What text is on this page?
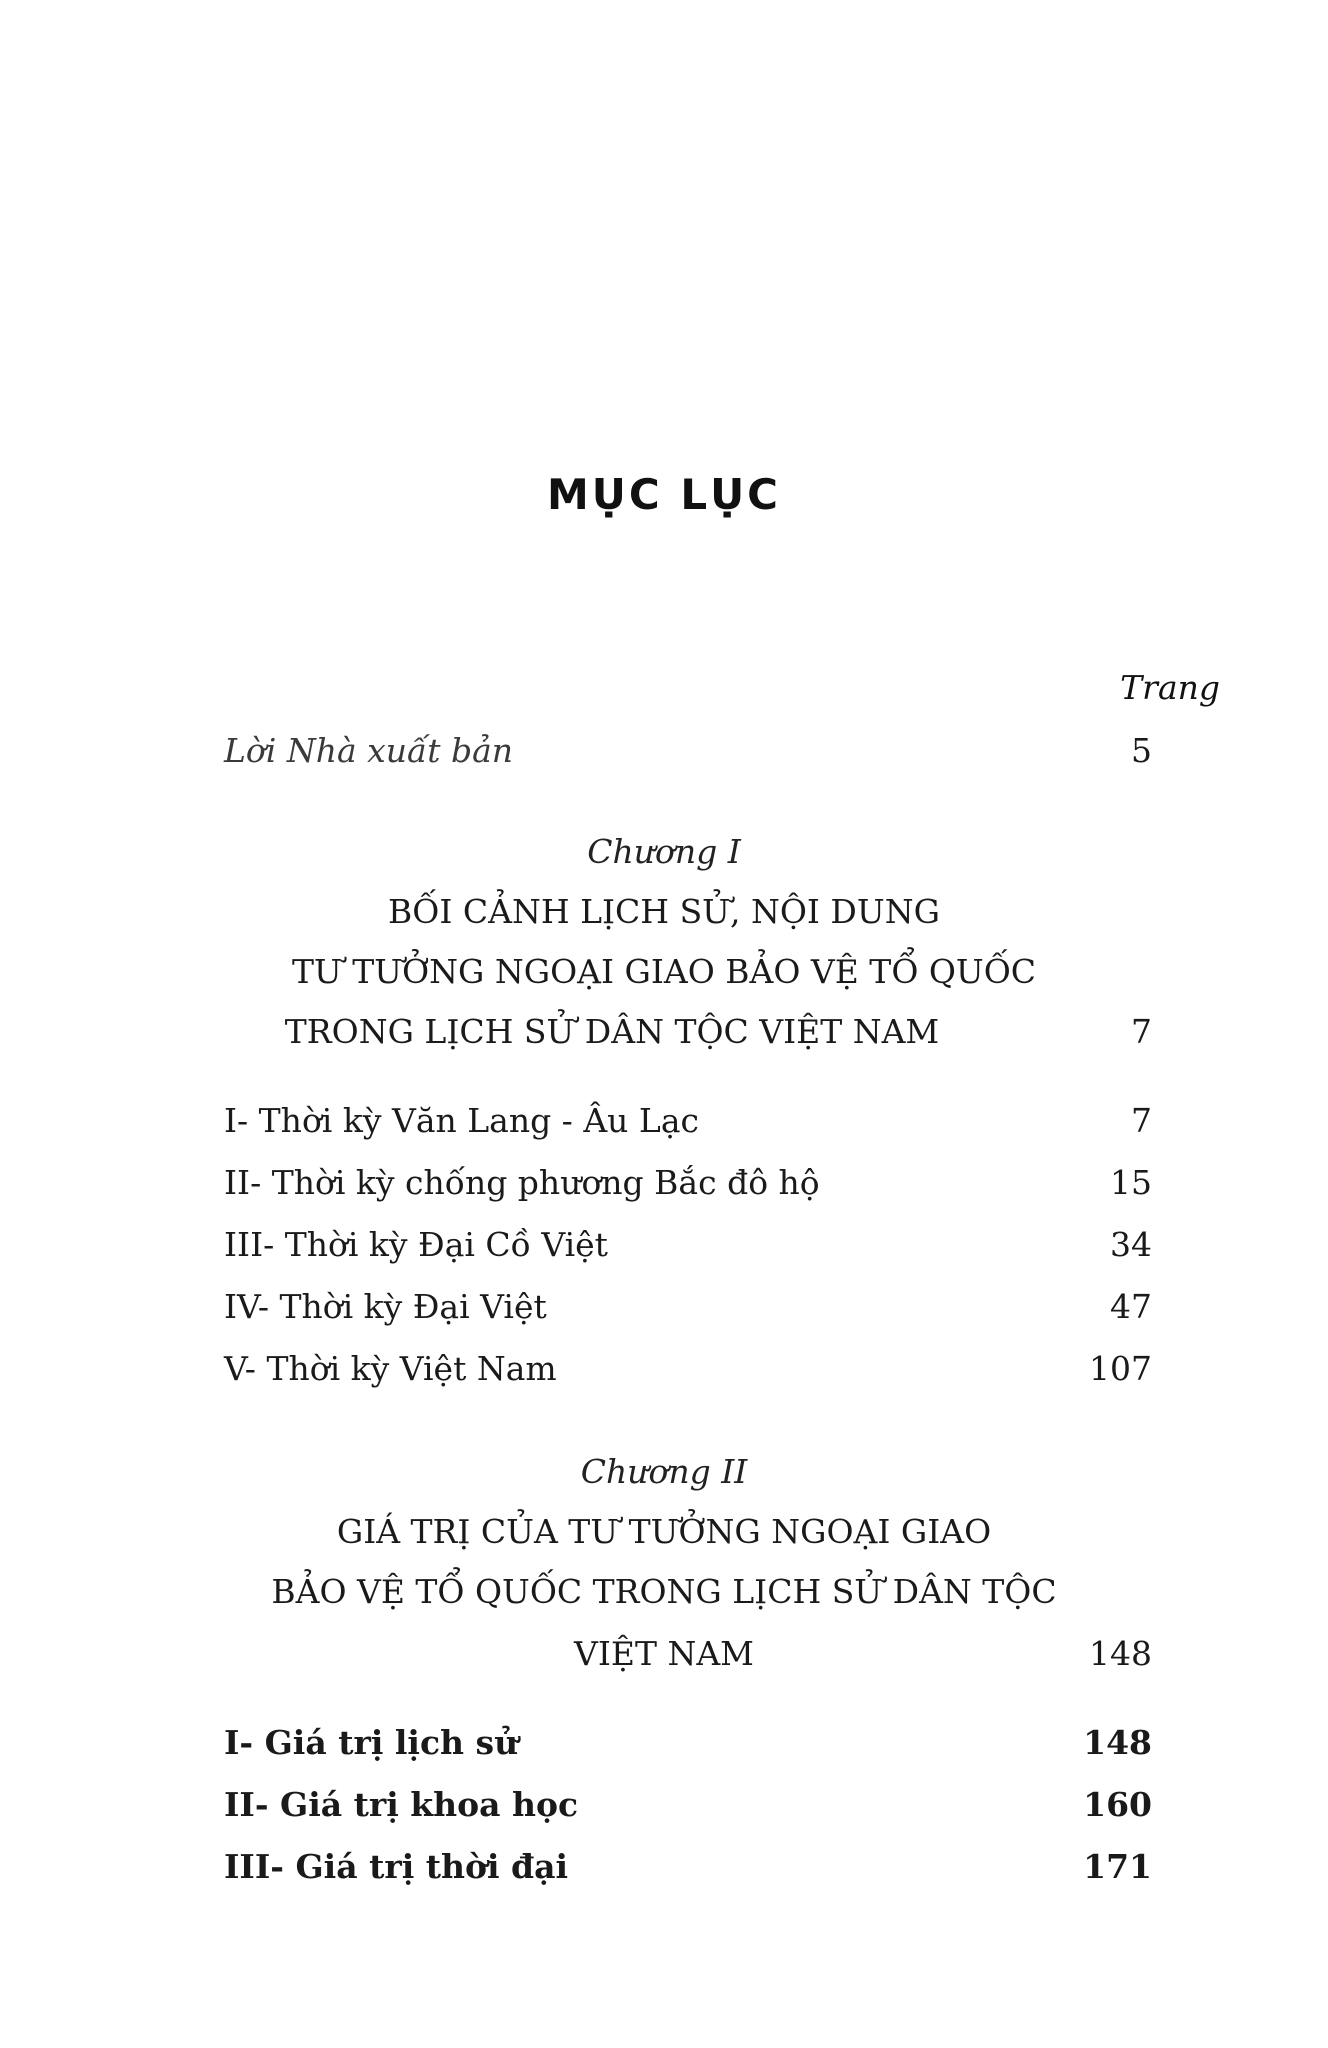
MỤC LỤC
Trang
Lời Nhà xuất bản	5
Chương I
BỐI CẢNH LỊCH SỬ, NỘI DUNG
TƯ TƯỞNG NGOẠI GIAO BẢO VỆ TỔ QUỐC
TRONG LỊCH SỬ DÂN TỘC VIỆT NAM	7
I- Thời kỳ Văn Lang - Âu Lạc	7
II- Thời kỳ chống phương Bắc đô hộ	15
III- Thời kỳ Đại Cồ Việt	34
IV- Thời kỳ Đại Việt	47
V- Thời kỳ Việt Nam	107
Chương II
GIÁ TRỊ CỦA TƯ TƯỞNG NGOẠI GIAO
BẢO VỆ TỔ QUỐC TRONG LỊCH SỬ DÂN TỘC
VIỆT NAM	148
I- Giá trị lịch sử	148
II- Giá trị khoa học	160
III- Giá trị thời đại	171
